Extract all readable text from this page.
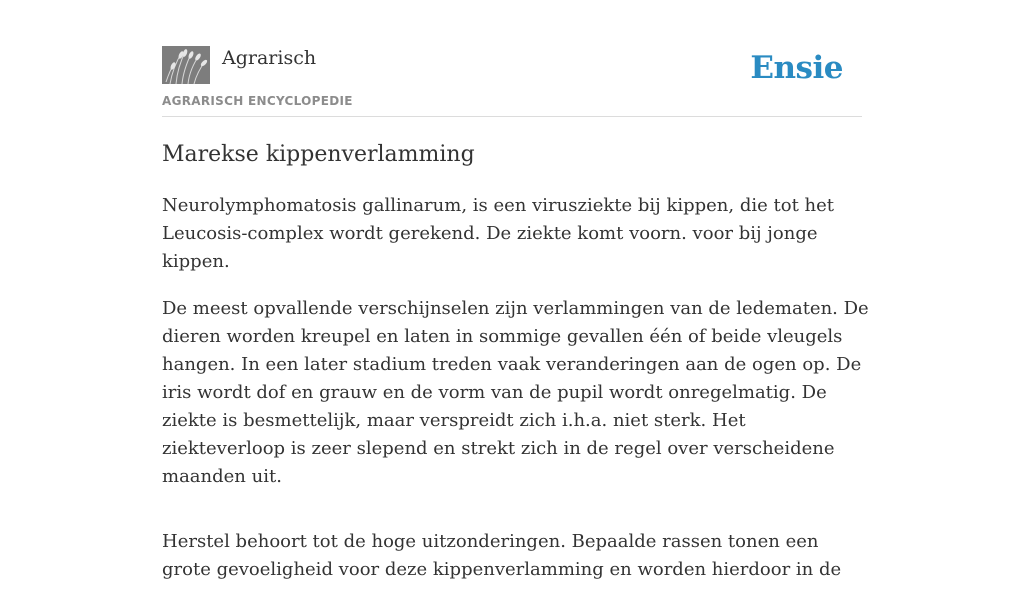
Agrarisch
AGRARISCH ENCYCLOPEDIE
Ensie
Marekse kippenverlamming

Neurolymphomatosis gallinarum, is een virusziekte bij kippen, die tot het Leucosis-complex wordt gerekend. De ziekte komt voorn. voor bij jonge kippen.

De meest opvallende verschijnselen zijn verlammingen van de ledematen. De dieren worden kreupel en laten in sommige gevallen één of beide vleugels hangen. In een later stadium treden vaak veranderingen aan de ogen op. De iris wordt dof en grauw en de vorm van de pupil wordt onregelmatig. De ziekte is besmettelijk, maar verspreidt zich i.h.a. niet sterk. Het ziekteverloop is zeer slepend en strekt zich in de regel over verscheidene maanden uit.

Herstel behoort tot de hoge uitzonderingen. Bepaalde rassen tonen een grote gevoeligheid voor deze kippenverlamming en worden hierdoor in de
